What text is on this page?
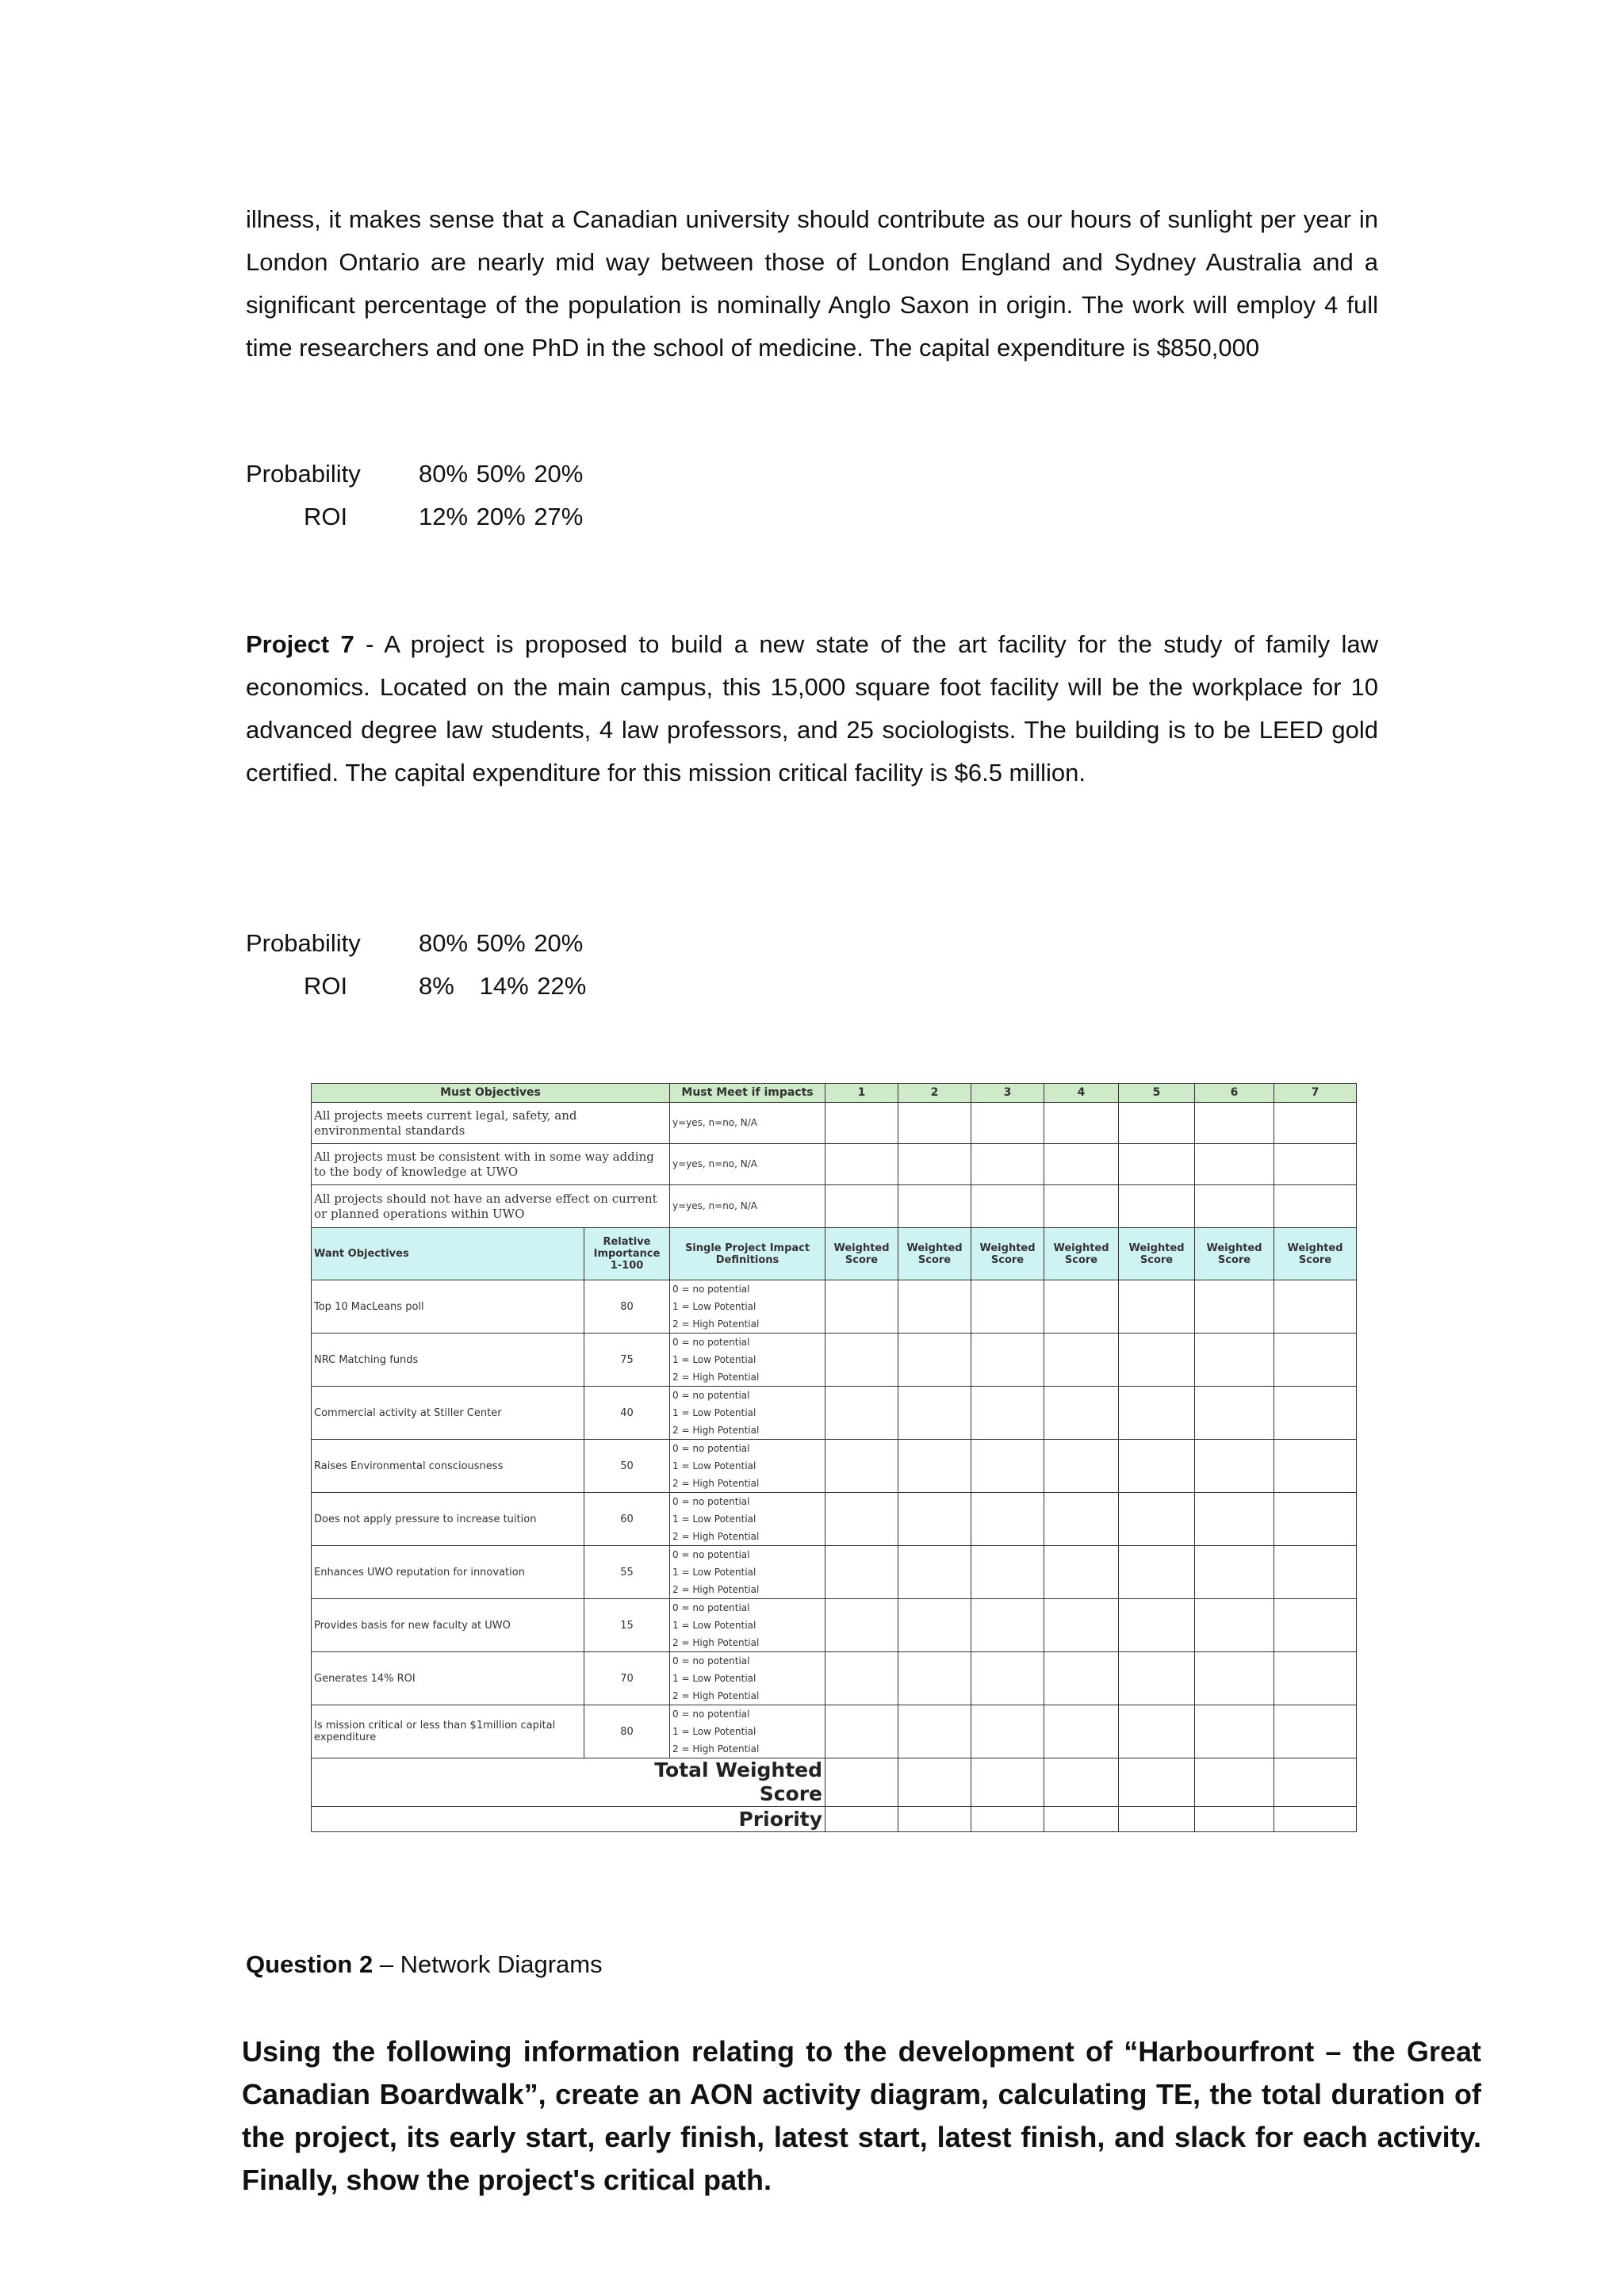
illness, it makes sense that a Canadian university should contribute as our hours of sunlight per year in London Ontario are nearly mid way between those of London England and Sydney Australia and a significant percentage of the population is nominally Anglo Saxon in origin. The work will employ 4 full time researchers and one PhD in the school of medicine. The capital expenditure is $850,000
Probability 80% 50% 20%
ROI	12% 20% 27%
Project 7 - A project is proposed to build a new state of the art facility for the study of family law economics. Located on the main campus, this 15,000 square foot facility will be the workplace for 10 advanced degree law students, 4 law professors, and 25 sociologists. The building is to be LEED gold certified. The capital expenditure for this mission critical facility is $6.5 million.
Probability 80% 50% 20%
ROI	8%   14% 22%
Must Objectives		Must Meet if impacts	1	2	3	4	5	6	7
All projects meets current legal, safety, and environmental standards		y=yes, n=no, N/A							
All projects must be consistent with in some way adding to the body of knowledge at UWO		y=yes, n=no, N/A							
All projects should not have an adverse effect on current or planned operations within UWO		y=yes, n=no, N/A							
Want Objectives	Relative Importance 1-100	Single Project Impact Definitions	Weighted Score	Weighted Score	Weighted Score	Weighted Score	Weighted Score	Weighted Score	Weighted Score
Top 10 MacLeans poll	80	0 = no potential
1 = Low Potential
2 = High Potential							

NRC Matching funds	75	0 = no potential
1 = Low Potential
2 = High Potential							

Commercial activity at Stiller Center	40	0 = no potential
1 = Low Potential
2 = High Potential							

Raises Environmental consciousness	50	0 = no potential
1 = Low Potential
2 = High Potential							

Does not apply pressure to increase tuition	60	0 = no potential
1 = Low Potential
2 = High Potential							

Enhances UWO reputation for innovation	55	0 = no potential
1 = Low Potential
2 = High Potential							

Provides basis for new faculty at UWO	15	0 = no potential
1 = Low Potential
2 = High Potential							

Generates 14% ROI	70	0 = no potential
1 = Low Potential
2 = High Potential							

Is mission critical or less than $1million capital expenditure	80	0 = no potential
1 = Low Potential
2 = High Potential							

	Total Weighted Score								
	Priority								
Question 2 – Network Diagrams
Using the following information relating to the development of “Harbourfront – the Great Canadian Boardwalk”, create an AON activity diagram, calculating TE, the total duration of the project, its early start, early finish, latest start, latest finish, and slack for each activity. Finally, show the project's critical path.
